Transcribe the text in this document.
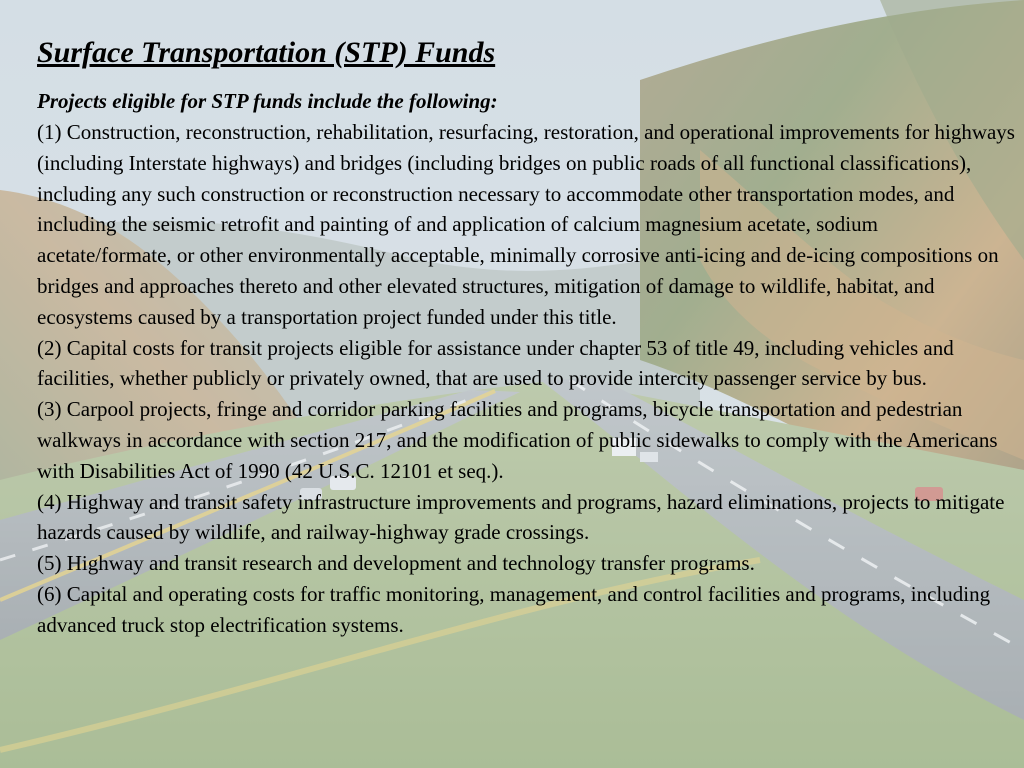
Surface Transportation (STP) Funds
Projects eligible for STP funds include the following:
(1) Construction, reconstruction, rehabilitation, resurfacing, restoration, and operational improvements for highways (including Interstate highways) and bridges (including bridges on public roads of all functional classifications), including any such construction or reconstruction necessary to accommodate other transportation modes, and including the seismic retrofit and painting of and application of calcium magnesium acetate, sodium acetate/formate, or other environmentally acceptable, minimally corrosive anti-icing and de-icing compositions on bridges and approaches thereto and other elevated structures, mitigation of damage to wildlife, habitat, and ecosystems caused by a transportation project funded under this title.
(2) Capital costs for transit projects eligible for assistance under chapter 53 of title 49, including vehicles and facilities, whether publicly or privately owned, that are used to provide intercity passenger service by bus.
(3) Carpool projects, fringe and corridor parking facilities and programs, bicycle transportation and pedestrian walkways in accordance with section 217, and the modification of public sidewalks to comply with the Americans with Disabilities Act of 1990 (42 U.S.C. 12101 et seq.).
(4) Highway and transit safety infrastructure improvements and programs, hazard eliminations, projects to mitigate hazards caused by wildlife, and railway-highway grade crossings.
(5) Highway and transit research and development and technology transfer programs.
(6) Capital and operating costs for traffic monitoring, management, and control facilities and programs, including advanced truck stop electrification systems.
